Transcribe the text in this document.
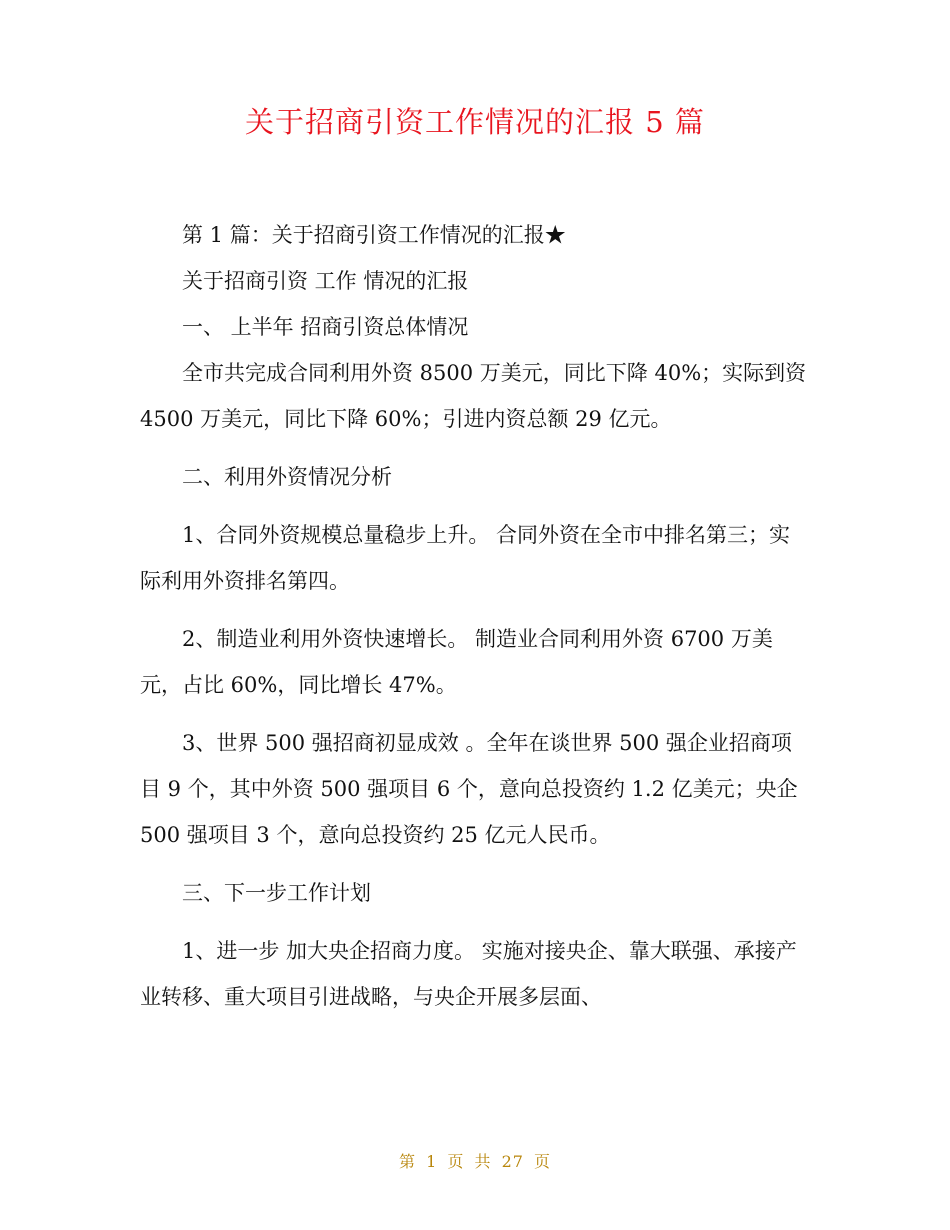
关于招商引资工作情况的汇报 5 篇

第 1 篇：关于招商引资工作情况的汇报★

关于招商引资 工作 情况的汇报

一、 上半年 招商引资总体情况

全市共完成合同利用外资 8500 万美元，同比下降 40%；实际到资 4500 万美元，同比下降 60%；引进内资总额 29 亿元。

二、利用外资情况分析

1、合同外资规模总量稳步上升。 合同外资在全市中排名第三；实际利用外资排名第四。

2、制造业利用外资快速增长。 制造业合同利用外资 6700 万美元，占比 60%，同比增长 47%。

3、世界 500 强招商初显成效 。全年在谈世界 500 强企业招商项目 9 个，其中外资 500 强项目 6 个，意向总投资约 1.2 亿美元；央企 500 强项目 3 个，意向总投资约 25 亿元人民币。

三、下一步工作计划

1、进一步 加大央企招商力度。 实施对接央企、靠大联强、承接产业转移、重大项目引进战略，与央企开展多层面、

第 1 页 共 27 页
